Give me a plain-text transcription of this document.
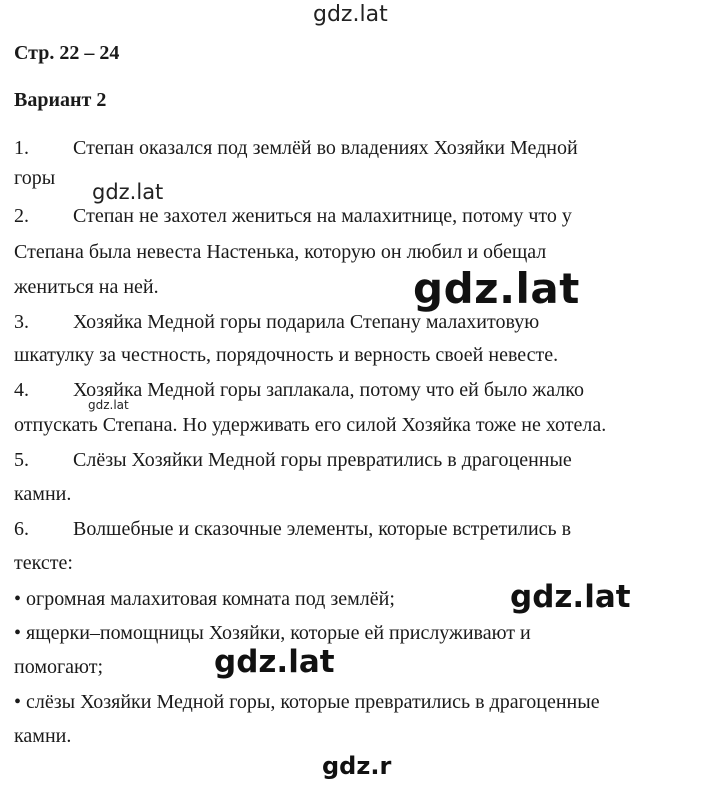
Стр. 22 – 24
Вариант 2
1. Степан оказался под землёй во владениях Хозяйки Медной
горы
2. Степан не захотел жениться на малахитнице, потому что у
Степана была невеста Настенька, которую он любил и обещал
жениться на ней.
3. Хозяйка Медной горы подарила Степану малахитовую
шкатулку за честность, порядочность и верность своей невесте.
4. Хозяйка Медной горы заплакала, потому что ей было жалко
отпускать Степана. Но удерживать его силой Хозяйка тоже не хотела.
5. Слёзы Хозяйки Медной горы превратились в драгоценные
камни.
6. Волшебные и сказочные элементы, которые встретились в
тексте:
• огромная малахитовая комната под землёй;
• ящерки–помощницы Хозяйки, которые ей прислуживают и
помогают;
• слёзы Хозяйки Медной горы, которые превратились в драгоценные
камни.
gdz.lat
gdz.lat
gdz.lat
gdz.lat
gdz.lat
gdz.lat
gdz.r
